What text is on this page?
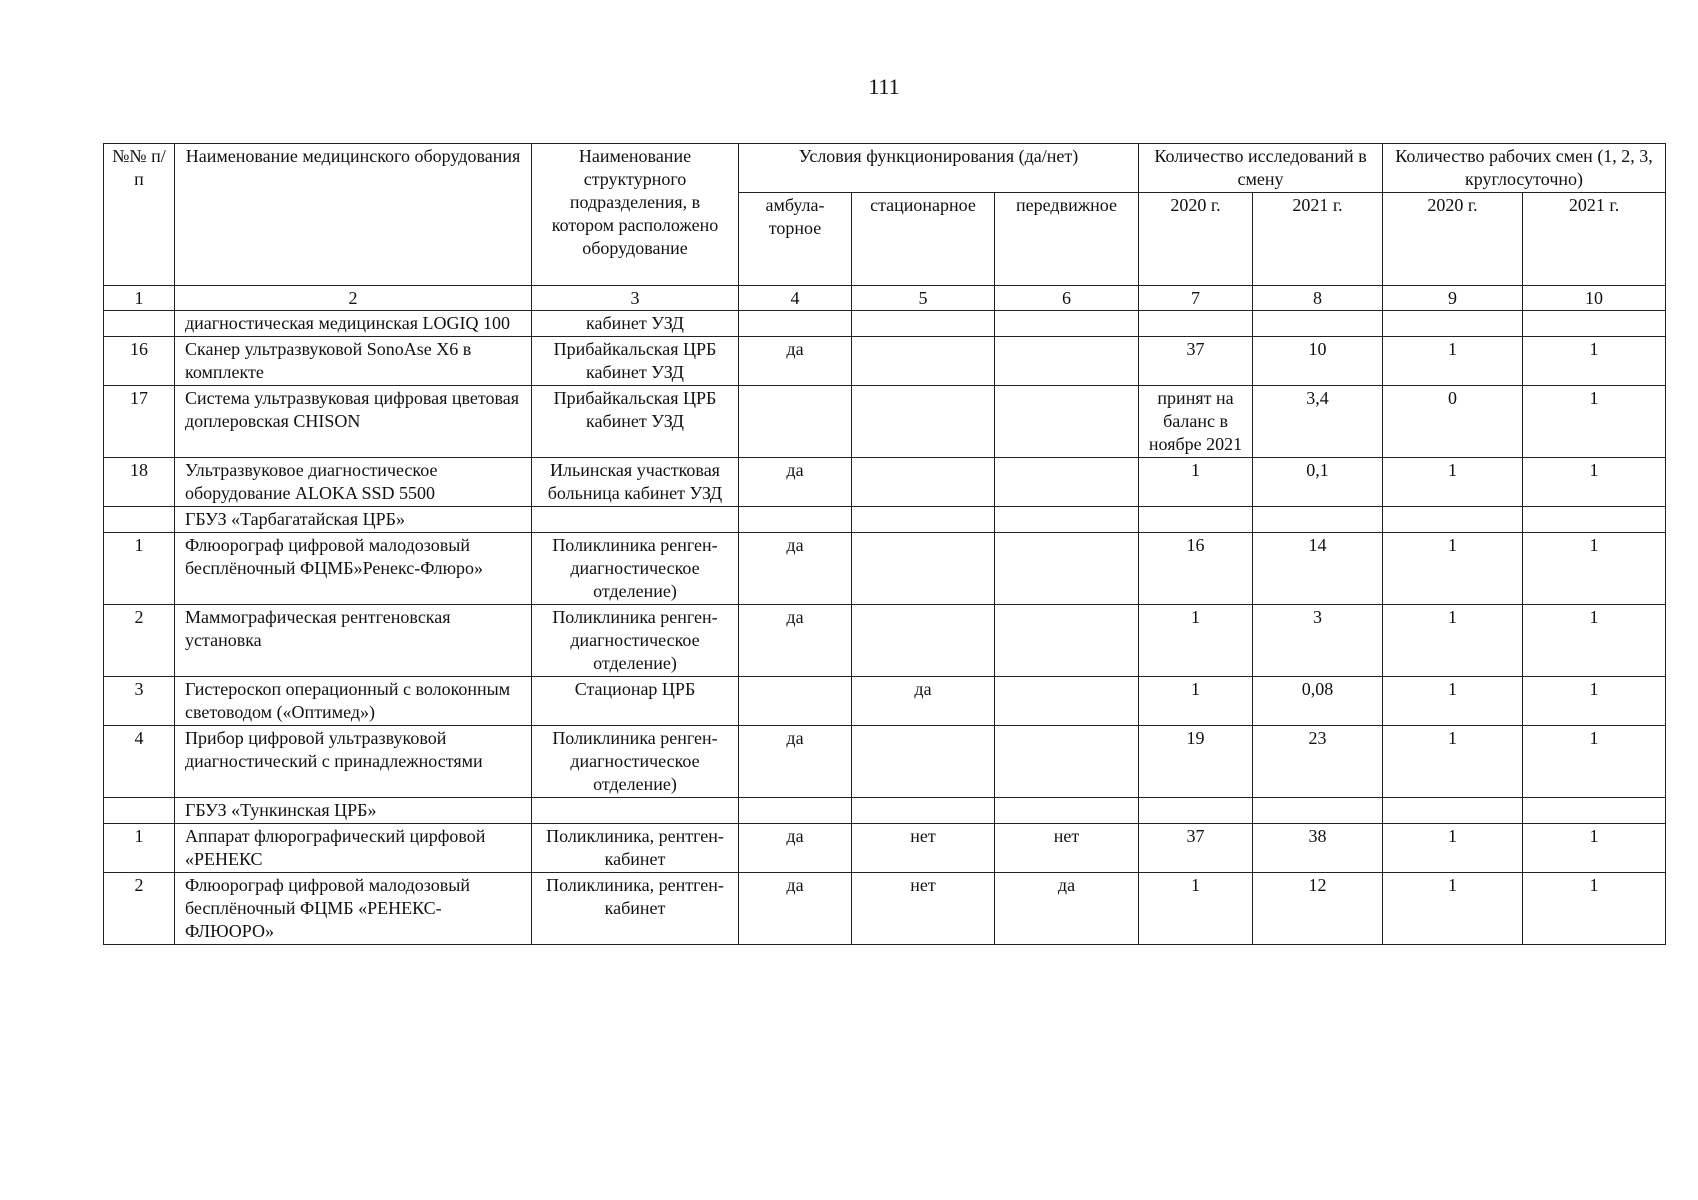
111
№№ п/п	Наименование медицинского оборудования	Наименование структурного подразделения, в котором расположено оборудование	Условия функционирования (да/нет)			Количество исследований в смену		Количество рабочих смен (1, 2, 3, круглосуточно)	
			амбула-торное	стационарное	передвижное	2020 г.	2021 г.	2020 г.	2021 г.
1	2	3	4	5	6	7	8	9	10
	диагностическая медицинская LOGIQ 100	кабинет УЗД							
16	Сканер ультразвуковой SonoAse X6 в комплекте	Прибайкальская ЦРБ кабинет УЗД	да			37	10	1	1
17	Система ультразвуковая цифровая цветовая доплеровская CHISON	Прибайкальская ЦРБ кабинет УЗД				принят на баланс в ноябре 2021	3,4	0	1
18	Ультразвуковое диагностическое оборудование ALOKA SSD 5500	Ильинская участковая больница кабинет УЗД	да			1	0,1	1	1
	ГБУЗ «Тарбагатайская ЦРБ»								
1	Флюорограф цифровой малодозовый бесплёночный ФЦМБ»Ренекс-Флюро»	Поликлиника ренген-диагностическое отделение)	да			16	14	1	1
2	Маммографическая рентгеновская установка	Поликлиника ренген-диагностическое отделение)	да			1	3	1	1
3	Гистероскоп операционный с волоконным световодом («Оптимед»)	Стационар ЦРБ		да		1	0,08	1	1
4	Прибор цифровой ультразвуковой диагностический с принадлежностями	Поликлиника ренген-диагностическое отделение)	да			19	23	1	1
	ГБУЗ «Тункинская ЦРБ»								
1	Аппарат флюрографический цирфовой «РЕНЕКС	Поликлиника, рентген-кабинет	да	нет	нет	37	38	1	1
2	Флюорограф цифровой малодозовый бесплёночный ФЦМБ «РЕНЕКС-ФЛЮОРО»	Поликлиника, рентген-кабинет	да	нет	да	1	12	1	1
